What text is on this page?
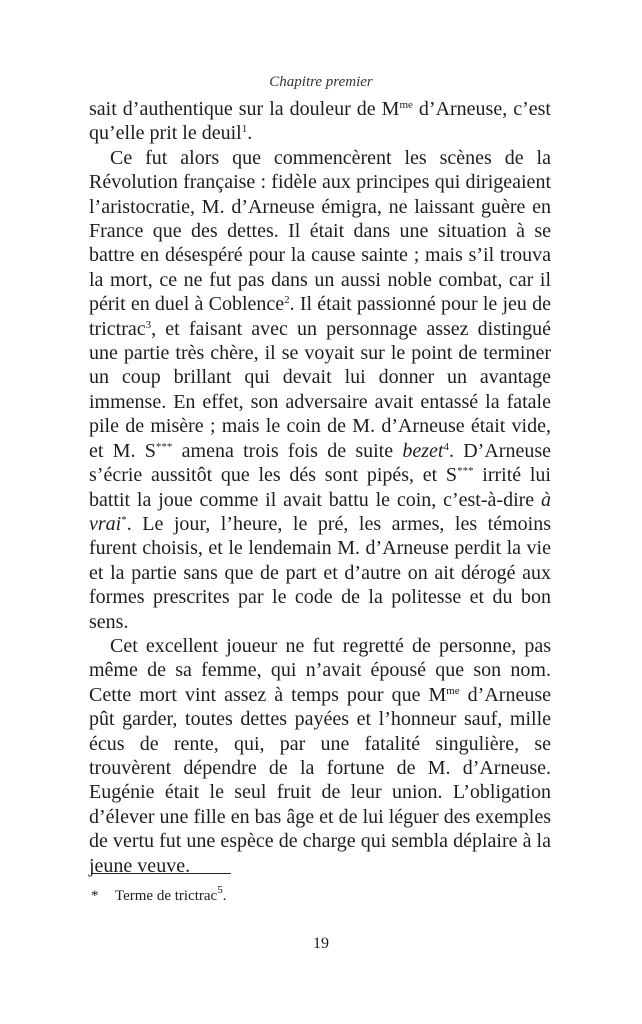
Chapitre premier

sait d’authentique sur la douleur de $M^{me}$ d’Arneuse, c’est qu’elle prit le deuil$^1$.

Ce fut alors que commencèrent les scènes de la Révolution française : fidèle aux principes qui dirigeaient l’aristocratie, M. d’Arneuse émigra, ne laissant guère en France que des dettes. Il était dans une situation à se battre en désespéré pour la cause sainte ; mais s’il trouva la mort, ce ne fut pas dans un aussi noble combat, car il périt en duel à Coblence$^2$. Il était passionné pour le jeu de trictrac$^3$, et faisant avec un personnage assez distingué une partie très chère, il se voyait sur le point de terminer un coup brillant qui devait lui donner un avantage immense. En effet, son adversaire avait entassé la fatale pile de misère ; mais le coin de M. d’Arneuse était vide, et M. S*** amena trois fois de suite bezet$^4$. D’Arneuse s’écrie aussitôt que les dés sont pipés, et S*** irrité lui battit la joue comme il avait battu le coin, c’est-à-dire à vrai*. Le jour, l’heure, le pré, les armes, les témoins furent choisis, et le lendemain M. d’Arneuse perdit la vie et la partie sans que de part et d’autre on ait dérogé aux formes prescrites par le code de la politesse et du bon sens.

Cet excellent joueur ne fut regretté de personne, pas même de sa femme, qui n’avait épousé que son nom. Cette mort vint assez à temps pour que $M^{me}$ d’Arneuse pût garder, toutes dettes payées et l’honneur sauf, mille écus de rente, qui, par une fatalité singulière, se trouvèrent dépendre de la fortune de M. d’Arneuse. Eugénie était le seul fruit de leur union. L’obligation d’élever une fille en bas âge et de lui léguer des exemples de vertu fut une espèce de charge qui sembla déplaire à la jeune veuve.

* Terme de trictrac$^5$.
19
